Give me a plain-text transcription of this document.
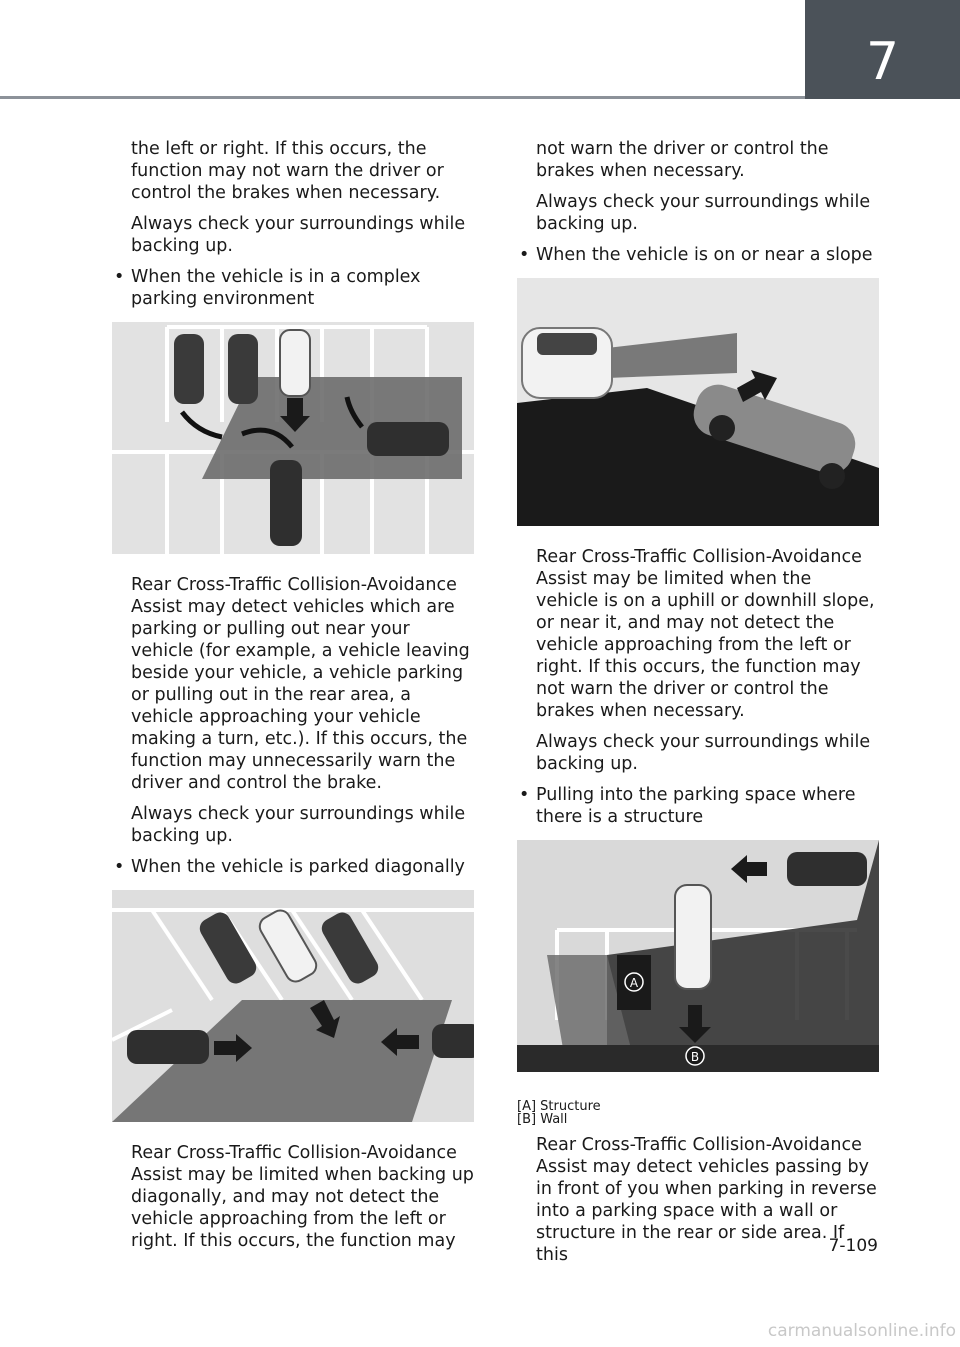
7

the left or right. If this occurs, the function may not warn the driver or control the brakes when necessary.

Always check your surroundings while backing up.

• When the vehicle is in a complex parking environment

Rear Cross-Traffic Collision-Avoidance Assist may detect vehicles which are parking or pulling out near your vehicle (for example, a vehicle leaving beside your vehicle, a vehicle parking or pulling out in the rear area, a vehicle approaching your vehicle making a turn, etc.). If this occurs, the function may unnecessarily warn the driver and control the brake.

Always check your surroundings while backing up.

• When the vehicle is parked diagonally

Rear Cross-Traffic Collision-Avoidance Assist may be limited when backing up diagonally, and may not detect the vehicle approaching from the left or right. If this occurs, the function may

not warn the driver or control the brakes when necessary.

Always check your surroundings while backing up.

• When the vehicle is on or near a slope

Rear Cross-Traffic Collision-Avoidance Assist may be limited when the vehicle is on a uphill or downhill slope, or near it, and may not detect the vehicle approaching from the left or right. If this occurs, the function may not warn the driver or control the brakes when necessary.

Always check your surroundings while backing up.

• Pulling into the parking space where there is a structure
A
B
[A] Structure
[B] Wall

Rear Cross-Traffic Collision-Avoidance Assist may detect vehicles passing by in front of you when parking in reverse into a parking space with a wall or structure in the rear or side area. If this	7-109
carmanualsonline.info
